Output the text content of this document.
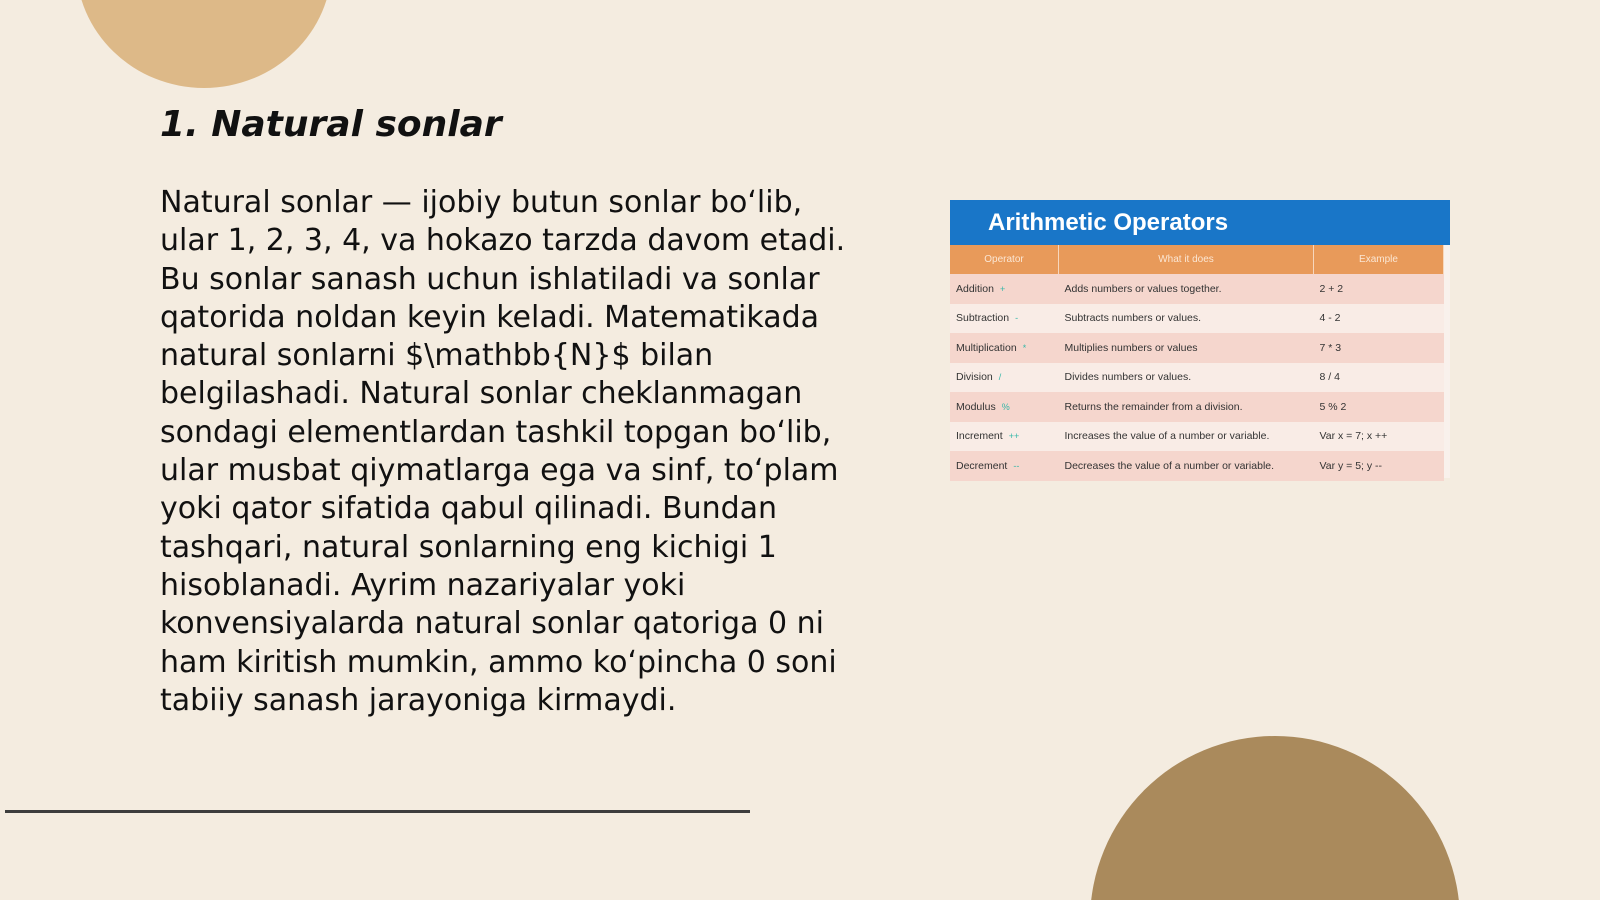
1. Natural sonlar

Natural sonlar — ijobiy butun sonlar bo‘lib, ular 1, 2, 3, 4, va hokazo tarzda davom etadi. Bu sonlar sanash uchun ishlatiladi va sonlar qatorida noldan keyin keladi. Matematikada natural sonlarni $\mathbb{N}$ bilan belgilashadi. Natural sonlar cheklanmagan sondagi elementlardan tashkil topgan bo‘lib, ular musbat qiymatlarga ega va sinf, to‘plam yoki qator sifatida qabul qilinadi. Bundan tashqari, natural sonlarning eng kichigi 1 hisoblanadi. Ayrim nazariyalar yoki konvensiyalarda natural sonlar qatoriga 0 ni ham kiritish mumkin, ammo ko‘pincha 0 soni tabiiy sanash jarayoniga kirmaydi.

Arithmetic Operators
Operator	What it does	Example
Addition +	Adds numbers or values together.	2 + 2
Subtraction -	Subtracts numbers or values.	4 - 2
Multiplication *	Multiplies numbers or values	7 * 3
Division /	Divides numbers or values.	8 / 4
Modulus %	Returns the remainder from a division.	5 % 2
Increment ++	Increases the value of a number or variable.	Var x = 7; x ++
Decrement --	Decreases the value of a number or variable.	Var y = 5; y --
